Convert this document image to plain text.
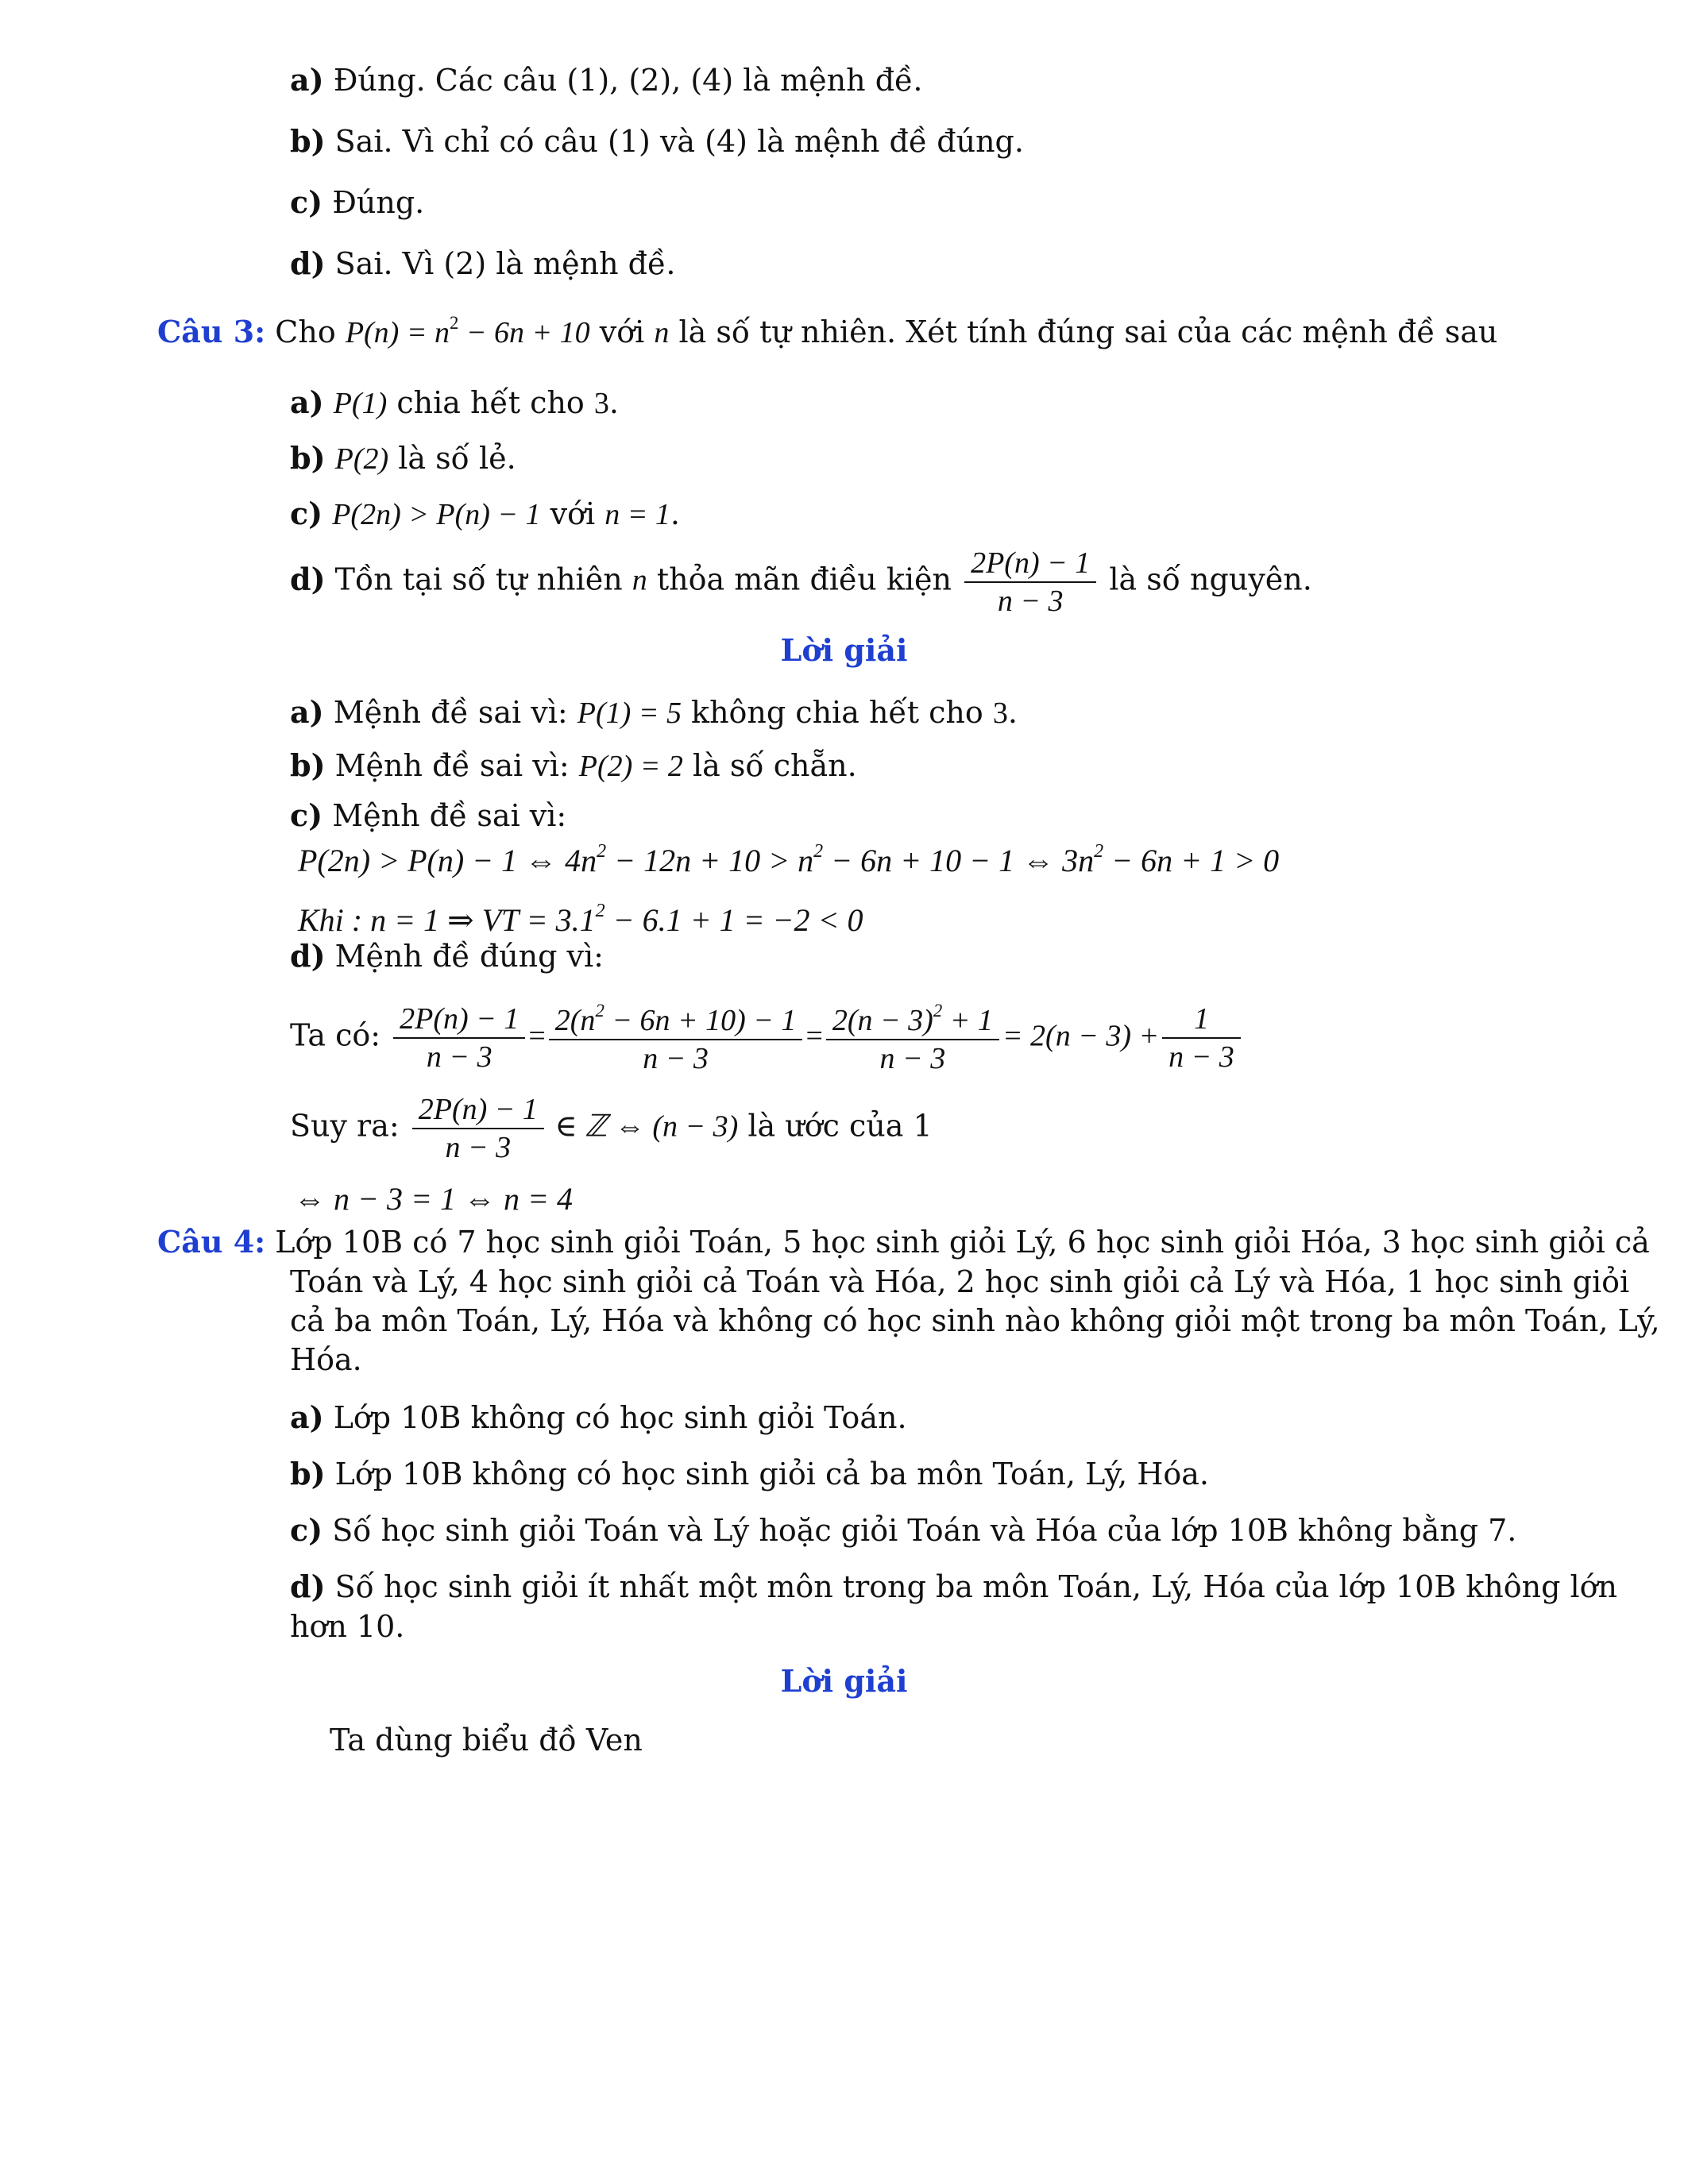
a) Đúng. Các câu (1), (2), (4) là mệnh đề.
b) Sai. Vì chỉ có câu (1) và (4) là mệnh đề đúng.
c) Đúng.
d) Sai. Vì (2) là mệnh đề.
Câu 3: Cho $P(n) = n^2 - 6n + 10$ với n là số tự nhiên. Xét tính đúng sai của các mệnh đề sau
a) P(1) chia hết cho 3.
b) P(2) là số lẻ.
c) P(2n) > P(n) − 1 với n = 1.
d) Tồn tại số tự nhiên n thỏa mãn điều kiện $\frac{2P(n) - 1}{n - 3}$ là số nguyên.
Lời giải
a) Mệnh đề sai vì: P(1) = 5 không chia hết cho 3.
b) Mệnh đề sai vì: P(2) = 2 là số chẵn.
c) Mệnh đề sai vì:
P(2n) > P(n) − 1 ⇔ $4n^2 - 12n + 10 > n^2 - 6n + 10 - 1$ ⇔ $3n^2 - 6n + 1 > 0$
Khi : n = 1 ⇒ VT = $3.1^2 - 6.1 + 1 = -2 < 0$
d) Mệnh đề đúng vì:
Ta có: $\frac{2P(n) - 1}{n - 3} = \frac{2(n^2 - 6n + 10) - 1}{n - 3} = \frac{2(n - 3)^2 + 1}{n - 3} = 2(n - 3) + \frac{1}{n - 3}$
Suy ra: $\frac{2P(n) - 1}{n - 3}$ ∈ ℤ ⇔ (n − 3) là ước của 1
⇔ n − 3 = 1 ⇔ n = 4
Câu 4: Lớp 10B có 7 học sinh giỏi Toán, 5 học sinh giỏi Lý, 6 học sinh giỏi Hóa, 3 học sinh giỏi cả
Toán và Lý, 4 học sinh giỏi cả Toán và Hóa, 2 học sinh giỏi cả Lý và Hóa, 1 học sinh giỏi
cả ba môn Toán, Lý, Hóa và không có học sinh nào không giỏi một trong ba môn Toán, Lý,
Hóa.
a) Lớp 10B không có học sinh giỏi Toán.
b) Lớp 10B không có học sinh giỏi cả ba môn Toán, Lý, Hóa.
c) Số học sinh giỏi Toán và Lý hoặc giỏi Toán và Hóa của lớp 10B không bằng 7.
d) Số học sinh giỏi ít nhất một môn trong ba môn Toán, Lý, Hóa của lớp 10B không lớn
hơn 10.
Lời giải
Ta dùng biểu đồ Ven
